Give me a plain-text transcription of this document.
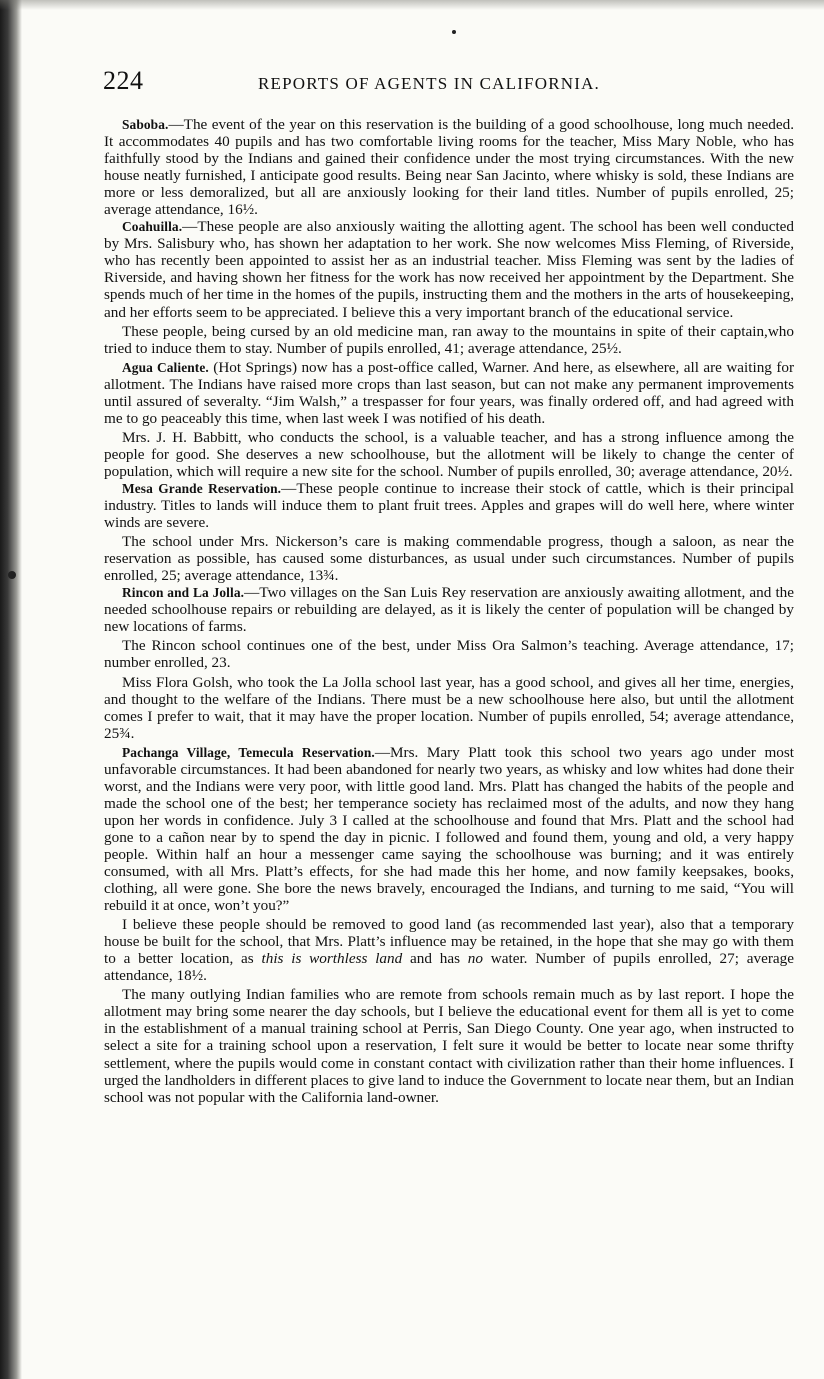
224	REPORTS OF AGENTS IN CALIFORNIA.

Saboba.—The event of the year on this reservation is the building of a good schoolhouse, long much needed. It accommodates 40 pupils and has two comfortable living rooms for the teacher, Miss Mary Noble, who has faithfully stood by the Indians and gained their confidence under the most trying circumstances. With the new house neatly furnished, I anticipate good results. Being near San Jacinto, where whisky is sold, these Indians are more or less demoralized, but all are anxiously looking for their land titles. Number of pupils enrolled, 25; average attendance, 16½.

Coahuilla.—These people are also anxiously waiting the allotting agent. The school has been well conducted by Mrs. Salisbury who, has shown her adaptation to her work. She now welcomes Miss Fleming, of Riverside, who has recently been appointed to assist her as an industrial teacher. Miss Fleming was sent by the ladies of Riverside, and having shown her fitness for the work has now received her appointment by the Department. She spends much of her time in the homes of the pupils, instructing them and the mothers in the arts of housekeeping, and her efforts seem to be appreciated. I believe this a very important branch of the educational service.

These people, being cursed by an old medicine man, ran away to the mountains in spite of their captain,who tried to induce them to stay. Number of pupils enrolled, 41; average attendance, 25½.

Agua Caliente. (Hot Springs) now has a post-office called, Warner. And here, as elsewhere, all are waiting for allotment. The Indians have raised more crops than last season, but can not make any permanent improvements until assured of severalty. “Jim Walsh,” a trespasser for four years, was finally ordered off, and had agreed with me to go peaceably this time, when last week I was notified of his death.

Mrs. J. H. Babbitt, who conducts the school, is a valuable teacher, and has a strong influence among the people for good. She deserves a new schoolhouse, but the allotment will be likely to change the center of population, which will require a new site for the school. Number of pupils enrolled, 30; average attendance, 20½.

Mesa Grande Reservation.—These people continue to increase their stock of cattle, which is their principal industry. Titles to lands will induce them to plant fruit trees. Apples and grapes will do well here, where winter winds are severe.

The school under Mrs. Nickerson’s care is making commendable progress, though a saloon, as near the reservation as possible, has caused some disturbances, as usual under such circumstances. Number of pupils enrolled, 25; average attendance, 13¾.

Rincon and La Jolla.—Two villages on the San Luis Rey reservation are anxiously awaiting allotment, and the needed schoolhouse repairs or rebuilding are delayed, as it is likely the center of population will be changed by new locations of farms.

The Rincon school continues one of the best, under Miss Ora Salmon’s teaching. Average attendance, 17; number enrolled, 23.

Miss Flora Golsh, who took the La Jolla school last year, has a good school, and gives all her time, energies, and thought to the welfare of the Indians. There must be a new schoolhouse here also, but until the allotment comes I prefer to wait, that it may have the proper location. Number of pupils enrolled, 54; average attendance, 25¾.

Pachanga Village, Temecula Reservation.—Mrs. Mary Platt took this school two years ago under most unfavorable circumstances. It had been abandoned for nearly two years, as whisky and low whites had done their worst, and the Indians were very poor, with little good land. Mrs. Platt has changed the habits of the people and made the school one of the best; her temperance society has reclaimed most of the adults, and now they hang upon her words in confidence. July 3 I called at the schoolhouse and found that Mrs. Platt and the school had gone to a cañon near by to spend the day in picnic. I followed and found them, young and old, a very happy people. Within half an hour a messenger came saying the schoolhouse was burning; and it was entirely consumed, with all Mrs. Platt’s effects, for she had made this her home, and now family keepsakes, books, clothing, all were gone. She bore the news bravely, encouraged the Indians, and turning to me said, “You will rebuild it at once, won’t you?”

I believe these people should be removed to good land (as recommended last year), also that a temporary house be built for the school, that Mrs. Platt’s influence may be retained, in the hope that she may go with them to a better location, as this is worthless land and has no water. Number of pupils enrolled, 27; average attendance, 18½.

The many outlying Indian families who are remote from schools remain much as by last report. I hope the allotment may bring some nearer the day schools, but I believe the educational event for them all is yet to come in the establishment of a manual training school at Perris, San Diego County. One year ago, when instructed to select a site for a training school upon a reservation, I felt sure it would be better to locate near some thrifty settlement, where the pupils would come in constant contact with civilization rather than their home influences. I urged the landholders in different places to give land to induce the Government to locate near them, but an Indian school was not popular with the California land-owner.
